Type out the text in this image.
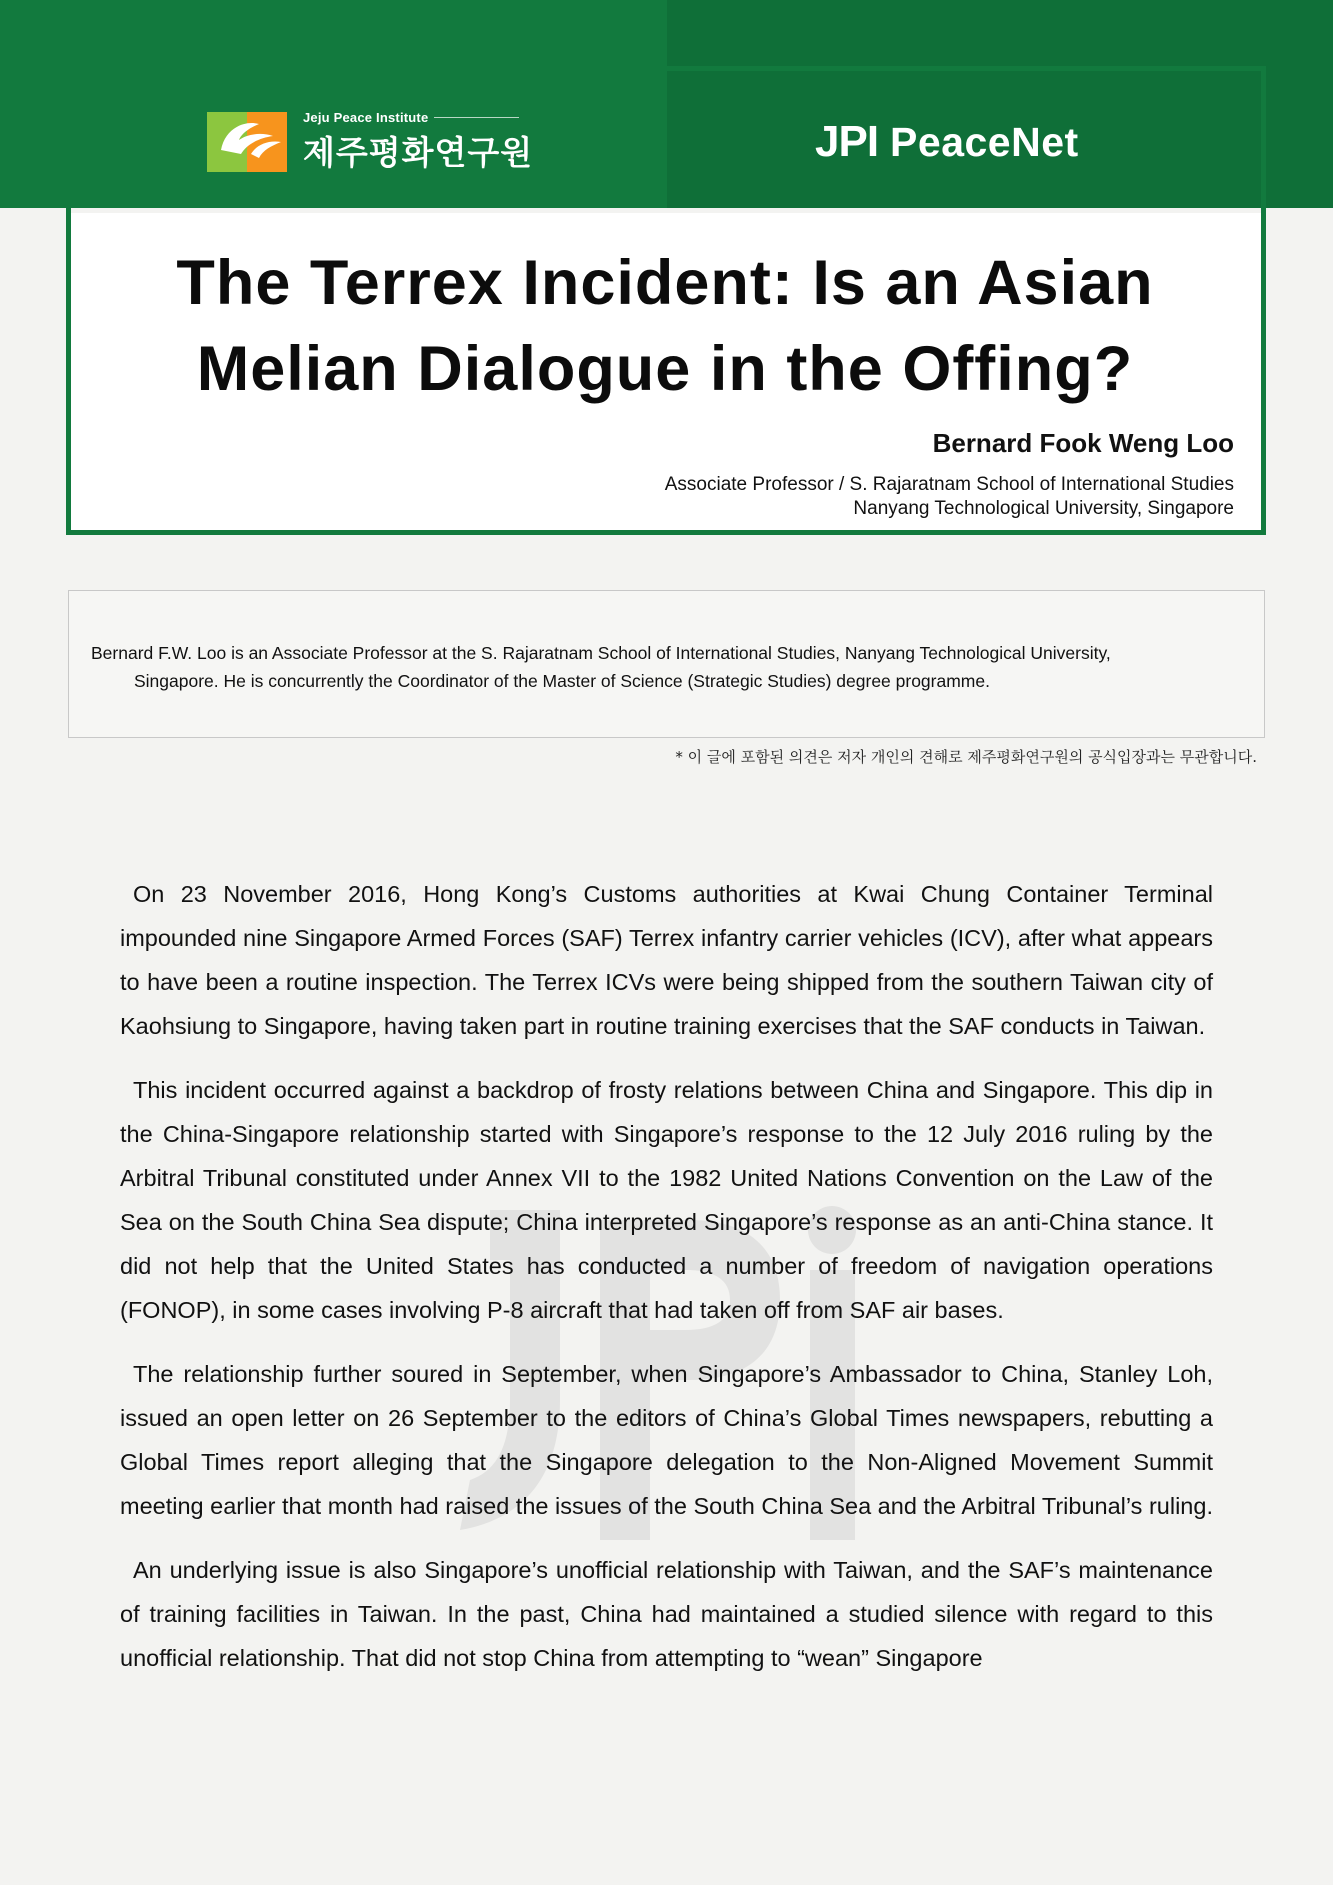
Jeju Peace Institute
제주평화연구원	JPI PeaceNet
The Terrex Incident: Is an Asian
Melian Dialogue in the Offing?
Bernard Fook Weng Loo
Associate Professor / S. Rajaratnam School of International Studies
Nanyang Technological University, Singapore
Bernard F.W. Loo is an Associate Professor at the S. Rajaratnam School of International Studies, Nanyang Technological University,
Singapore. He is concurrently the Coordinator of the Master of Science (Strategic Studies) degree programme.
* 이 글에 포함된 의견은 저자 개인의 견해로 제주평화연구원의 공식입장과는 무관합니다.

On 23 November 2016, Hong Kong’s Customs authorities at Kwai Chung Container Terminal impounded nine Singapore Armed Forces (SAF) Terrex infantry carrier vehicles (ICV), after what appears to have been a routine inspection. The Terrex ICVs were being shipped from the southern Taiwan city of Kaohsiung to Singapore, having taken part in routine training exercises that the SAF conducts in Taiwan.

This incident occurred against a backdrop of frosty relations between China and Singapore. This dip in the China-Singapore relationship started with Singapore’s response to the 12 July 2016 ruling by the Arbitral Tribunal constituted under Annex VII to the 1982 United Nations Convention on the Law of the Sea on the South China Sea dispute; China interpreted Singapore’s response as an anti-China stance. It did not help that the United States has conducted a number of freedom of navigation operations (FONOP), in some cases involving P-8 aircraft that had taken off from SAF air bases.

The relationship further soured in September, when Singapore’s Ambassador to China, Stanley Loh, issued an open letter on 26 September to the editors of China’s Global Times newspapers, rebutting a Global Times report alleging that the Singapore delegation to the Non-Aligned Movement Summit meeting earlier that month had raised the issues of the South China Sea and the Arbitral Tribunal’s ruling.

An underlying issue is also Singapore’s unofficial relationship with Taiwan, and the SAF’s maintenance of training facilities in Taiwan. In the past, China had maintained a studied silence with regard to this unofficial relationship. That did not stop China from attempting to “wean” Singapore
